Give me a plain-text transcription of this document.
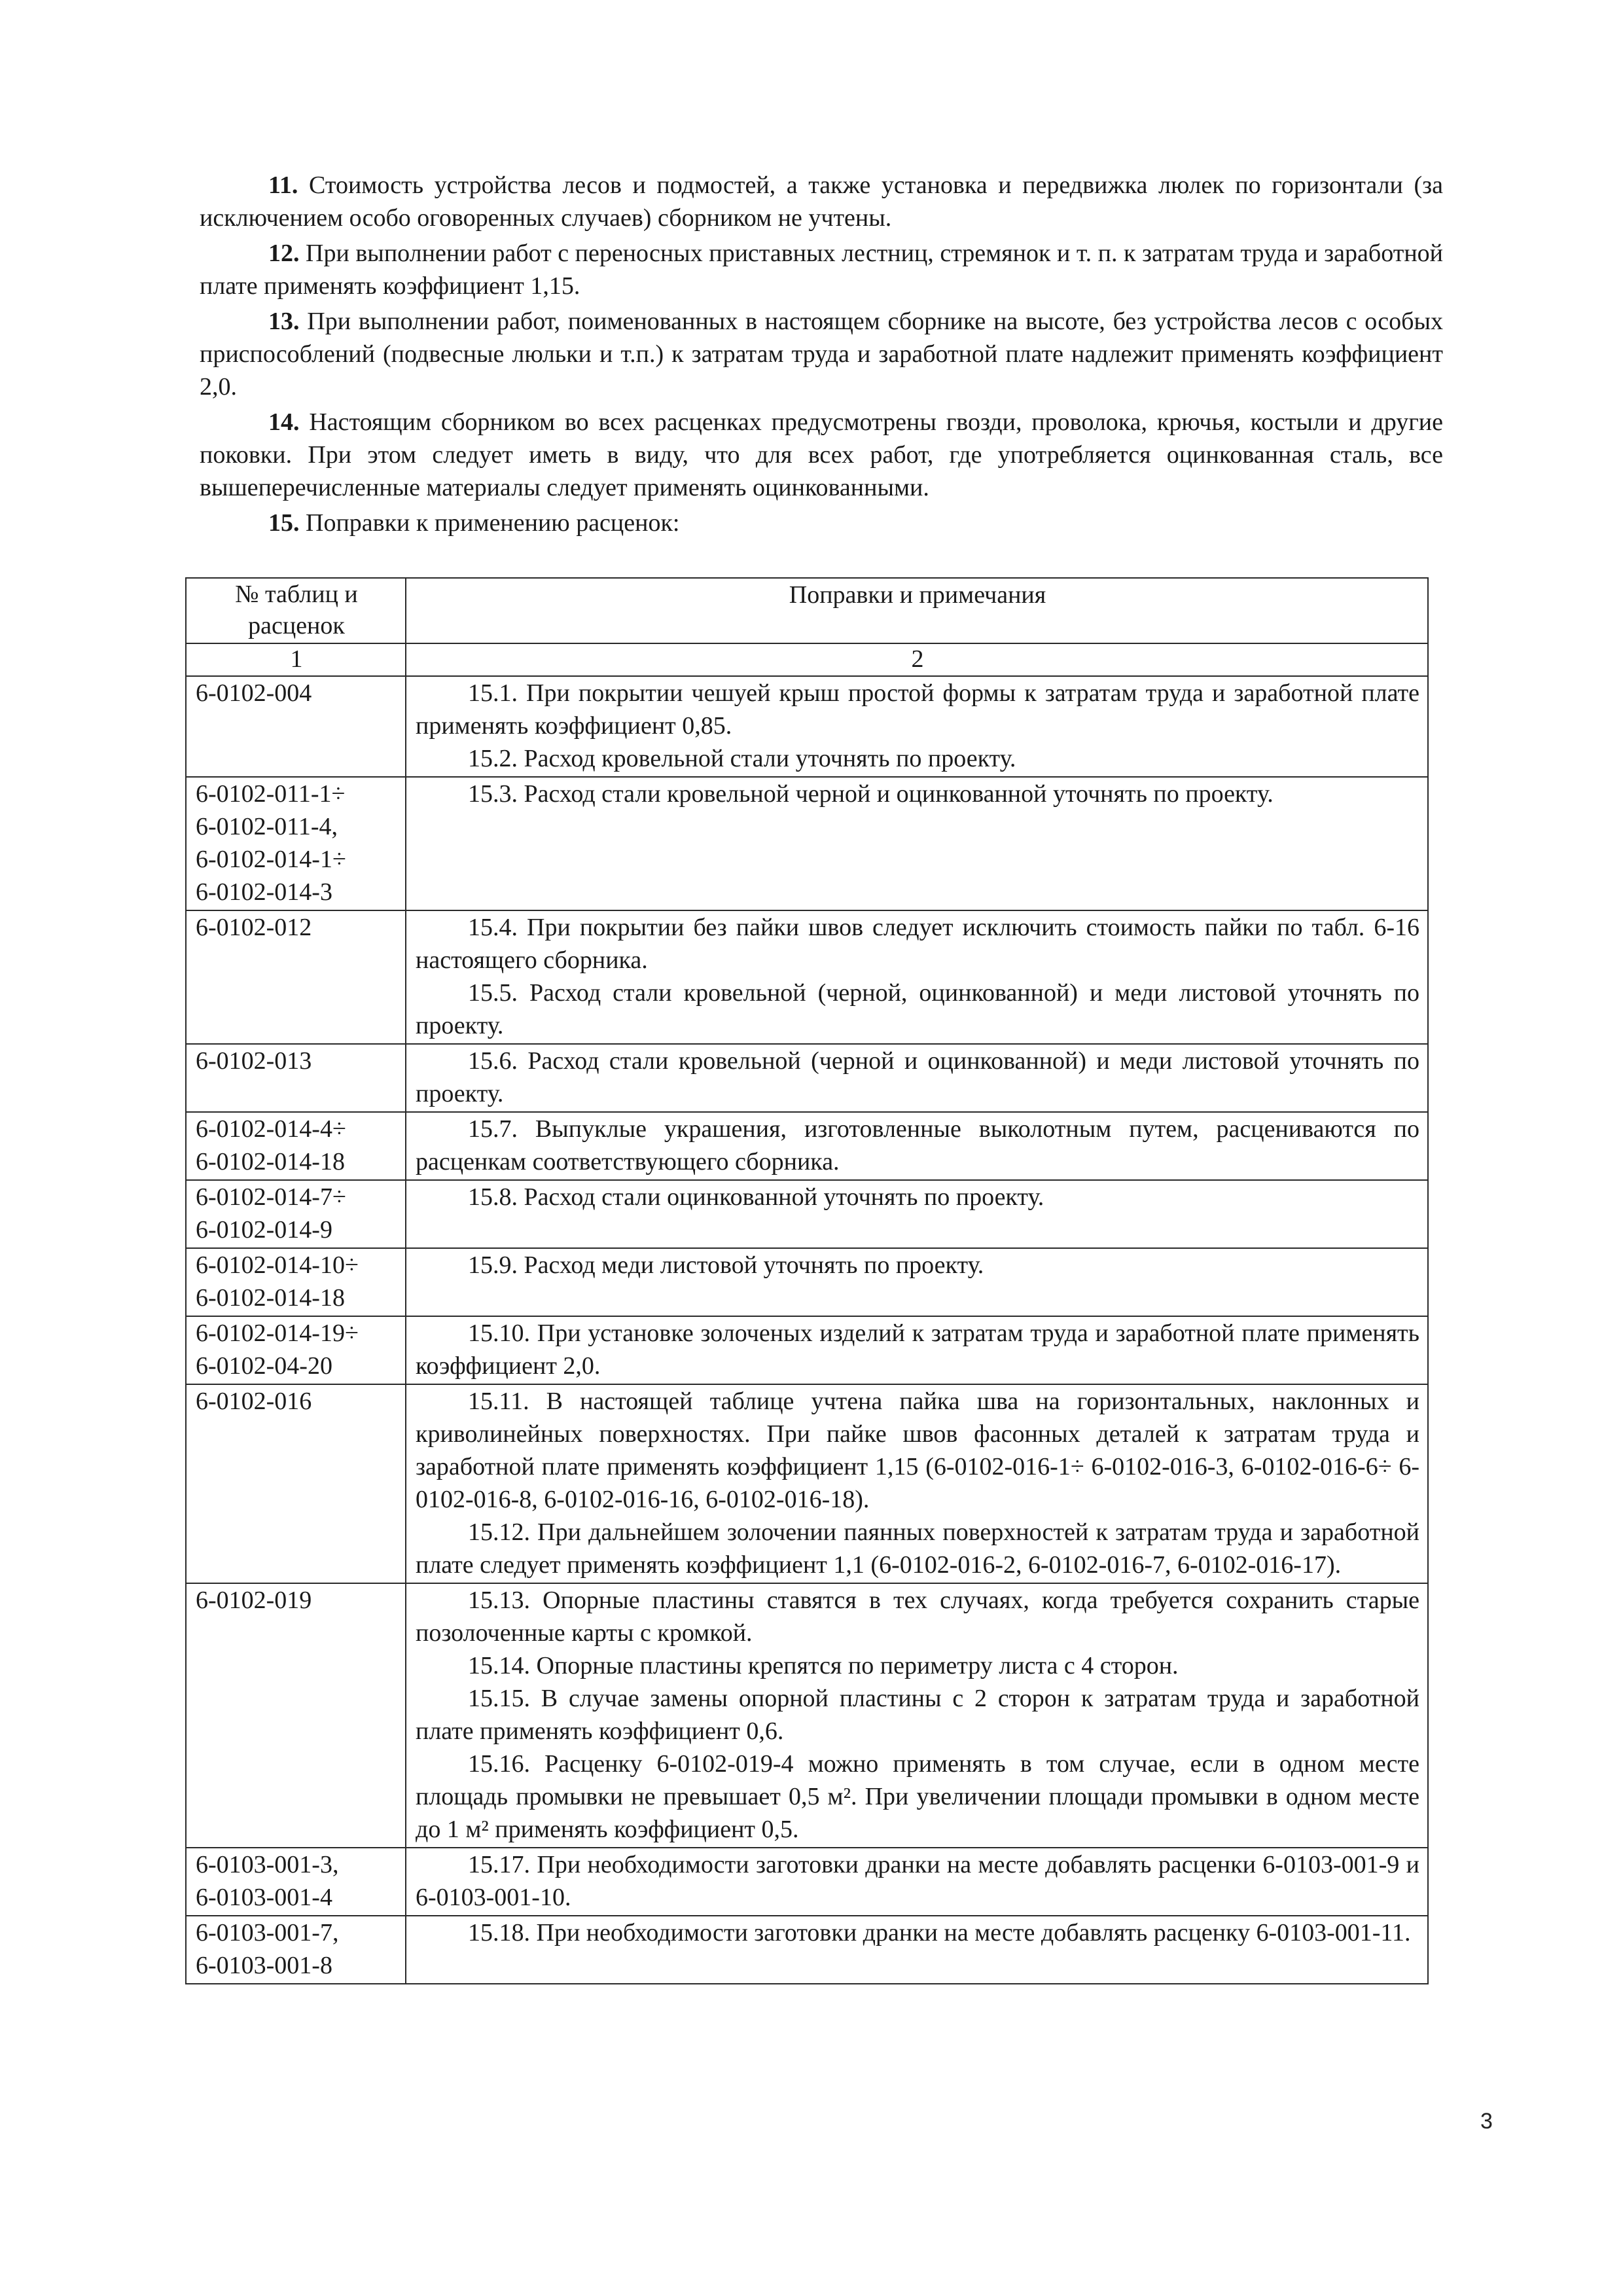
11. Стоимость устройства лесов и подмостей, а также установка и передвижка люлек по горизонтали (за исключением особо оговоренных случаев) сборником не учтены.

12. При выполнении работ с переносных приставных лестниц, стремянок и т. п. к затратам труда и заработной плате применять коэффициент 1,15.

13. При выполнении работ, поименованных в настоящем сборнике на высоте, без устройства лесов с особых приспособлений (подвесные люльки и т.п.) к затратам труда и заработной плате надлежит применять коэффициент 2,0.

14. Настоящим сборником во всех расценках предусмотрены гвозди, проволока, крючья, костыли и другие поковки. При этом следует иметь в виду, что для всех работ, где употребляется оцинкованная сталь, все вышеперечисленные материалы следует применять оцинкованными.

15. Поправки к применению расценок:

№ таблиц и расценок	Поправки и примечания
1	2

6-0102-004	15.1. При покрытии чешуей крыш простой формы к затратам труда и заработной плате применять коэффициент 0,85.

15.2. Расход кровельной стали уточнять по проекту.

6-0102-011-1÷
6-0102-011-4,
6-0102-014-1÷
6-0102-014-3	15.3. Расход стали кровельной черной и оцинкованной уточнять по проекту.

6-0102-012	15.4. При покрытии без пайки швов следует исключить стоимость пайки по табл. 6-16 настоящего сборника.

15.5. Расход стали кровельной (черной, оцинкованной) и меди листовой уточнять по проекту.

6-0102-013	15.6. Расход стали кровельной (черной и оцинкованной) и меди листовой уточнять по проекту.

6-0102-014-4÷
6-0102-014-18	15.7. Выпуклые украшения, изготовленные выколотным путем, расцениваются по расценкам соответствующего сборника.

6-0102-014-7÷
6-0102-014-9	15.8. Расход стали оцинкованной уточнять по проекту.

6-0102-014-10÷
6-0102-014-18	15.9. Расход меди листовой уточнять по проекту.

6-0102-014-19÷
6-0102-04-20	15.10. При установке золоченых изделий к затратам труда и заработной плате применять коэффициент 2,0.

6-0102-016	15.11. В настоящей таблице учтена пайка шва на горизонтальных, наклонных и криволинейных поверхностях. При пайке швов фасонных деталей к затратам труда и заработной плате применять коэффициент 1,15 (6-0102-016-1÷ 6-0102-016-3, 6-0102-016-6÷ 6-0102-016-8, 6-0102-016-16, 6-0102-016-18).

15.12. При дальнейшем золочении паянных поверхностей к затратам труда и заработной плате следует применять коэффициент 1,1 (6-0102-016-2, 6-0102-016-7, 6-0102-016-17).

6-0102-019	15.13. Опорные пластины ставятся в тех случаях, когда требуется сохранить старые позолоченные карты с кромкой.

15.14. Опорные пластины крепятся по периметру листа с 4 сторон.

15.15. В случае замены опорной пластины с 2 сторон к затратам труда и заработной плате применять коэффициент 0,6.

15.16. Расценку 6-0102-019-4 можно применять в том случае, если в одном месте площадь промывки не превышает 0,5 м². При увеличении площади промывки в одном месте до 1 м² применять коэффициент 0,5.

6-0103-001-3,
6-0103-001-4	15.17. При необходимости заготовки дранки на месте добавлять расценки 6-0103-001-9 и 6-0103-001-10.

6-0103-001-7,
6-0103-001-8	15.18. При необходимости заготовки дранки на месте добавлять расценку 6-0103-001-11.

3
